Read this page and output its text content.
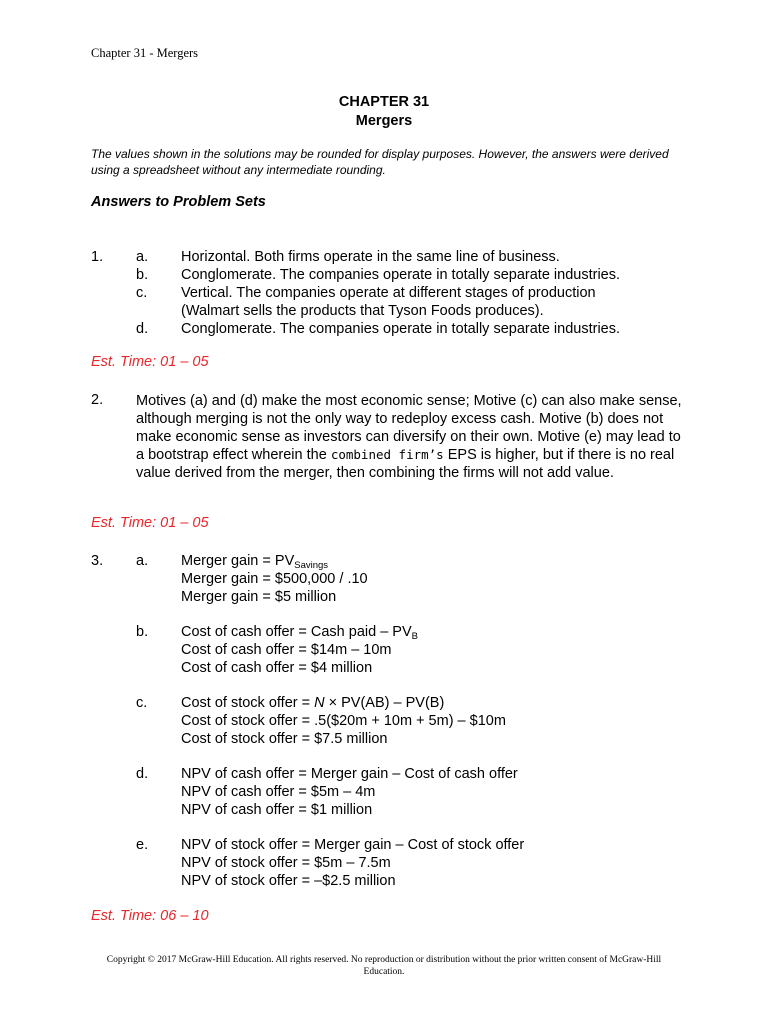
Chapter 31 - Mergers
CHAPTER 31
Mergers
The values shown in the solutions may be rounded for display purposes. However, the answers were derived using a spreadsheet without any intermediate rounding.
Answers to Problem Sets
1. a. Horizontal. Both firms operate in the same line of business.
b. Conglomerate. The companies operate in totally separate industries.
c. Vertical. The companies operate at different stages of production
(Walmart sells the products that Tyson Foods produces).
d. Conglomerate. The companies operate in totally separate industries.
Est. Time: 01 – 05
2. Motives (a) and (d) make the most economic sense; Motive (c) can also make sense, although merging is not the only way to redeploy excess cash. Motive (b) does not make economic sense as investors can diversify on their own. Motive (e) may lead to a bootstrap effect wherein the combined firm’s EPS is higher, but if there is no real value derived from the merger, then combining the firms will not add value.
Est. Time: 01 – 05
3. a. Merger gain = $PV_{Savings}$
Merger gain = $500,000 / .10
Merger gain = $5 million
b. Cost of cash offer = Cash paid – $PV_B$
Cost of cash offer = $14m – 10m
Cost of cash offer = $4 million
c. Cost of stock offer = N × PV(AB) – PV(B)
Cost of stock offer = .5($20m + 10m + 5m) – $10m
Cost of stock offer = $7.5 million
d. NPV of cash offer = Merger gain – Cost of cash offer
NPV of cash offer = $5m – 4m
NPV of cash offer = $1 million
e. NPV of stock offer = Merger gain – Cost of stock offer
NPV of stock offer = $5m – 7.5m
NPV of stock offer = –$2.5 million
Est. Time: 06 – 10
Copyright © 2017 McGraw-Hill Education. All rights reserved. No reproduction or distribution without the prior written consent of McGraw-Hill Education.
